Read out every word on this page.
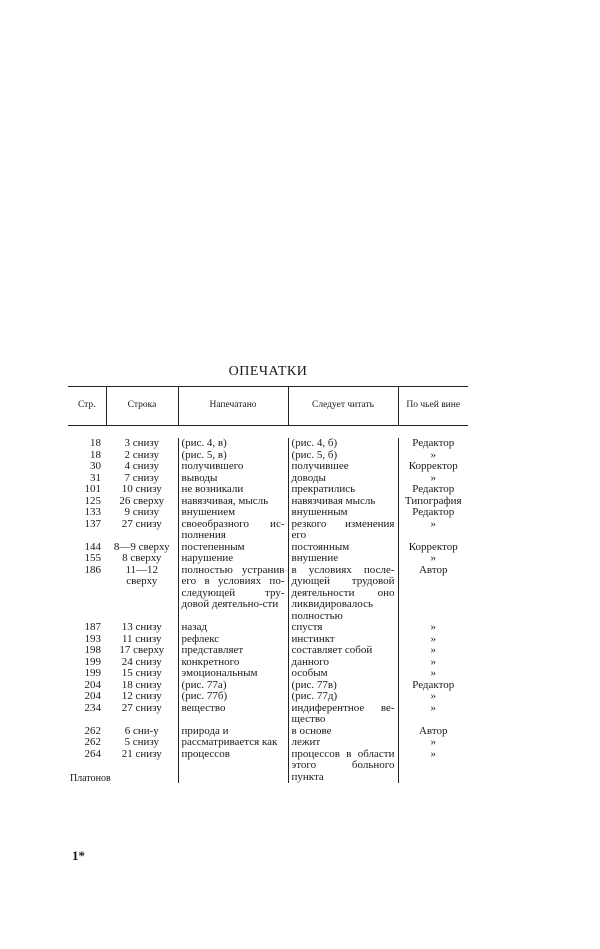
ОПЕЧАТКИ
Стр.	Строка	Напечатано	Следует читать	По чьей вине

18	3 снизу	(рис. 4, в)	(рис. 4, б)	Редактор
18	2 снизу	(рис. 5, в)	(рис. 5, б)	»
30	4 снизу	получившего	получившее	Корректор
31	7 снизу	выводы	доводы	»
101	10 снизу	не возникали	прекратились	Редактор
125	26 сверху	навязчивая, мысль	навязчивая мысль	Типография
133	9 снизу	внушением	внушенным	Редактор
137	27 снизу	своеобразного ис-полнения	резкого изменения его	»
144	8—9 сверху	постепенным	постоянным	Корректор
155	8 сверху	нарушение	внушение	»
186	11—12 сверху	полностью устранив его в условиях по-следующей тру-довой деятельно-сти	в условиях после-дующей трудовой деятельности оно ликвидировалось полностью	Автор
187	13 снизу	назад	спустя	»
193	11 снизу	рефлекс	инстинкт	»
198	17 сверху	представляет	составляет собой	»
199	24 снизу	конкретного	данного	»
199	15 снизу	эмоциональным	особым	»
204	18 снизу	(рис. 77а)	(рис. 77в)	Редактор
204	12 снизу	(рис. 77б)	(рис. 77д)	»
234	27 снизу	вещество	индиферентное ве-щество	»
262	6 сни-у	природа и	в основе	Автор
262	5 снизу	рассматривается как	лежит	»
264	21 снизу	процессов	процессов в области этого больного пункта	»
Платонов
1*
